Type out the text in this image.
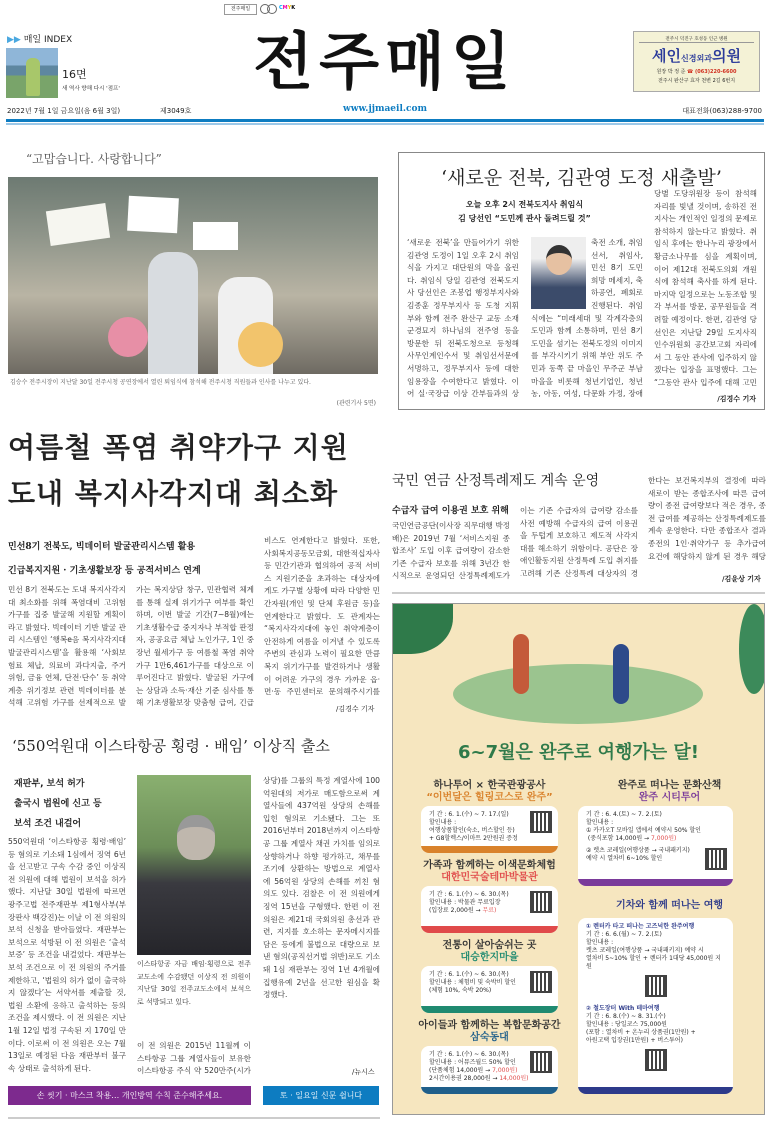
전주매일	CMYK
▶▶ 매일 INDEX
16면
새 역사 향해 다시 '점프'	전주매일	전주시 덕진구 호성동 인근 병원
세인신경외과의원
원장 박 정 준 ☎ (063)220-6600
전주시 완산구 효자 천변 2길 6번지
2022년 7월 1일 금요일(음 6월 3일)	제3049호	www.jjmaeil.com	대표전화(063)288-9700
“고맙습니다. 사랑합니다”
김승수 전주시장이 지난달 30일 전주시청 공연장에서 열린 퇴임식에 참석해 전주시청 직원들과 인사를 나누고 있다.
(관련기사 5면)
‘새로운 전북, 김관영 도정 새출발’
오늘 오후 2시 전북도지사 취임식
김 당선인 “도민께 관사 돌려드릴 것”
‘새로운 전북’을 만들어가기 위한 김관영 도정이 1일 오후 2시 취임식을 가지고 대단원의 막을 올린다. 취임식 당일 김관영 전북도지사 당선인은 조봉업 행정부지사와 김종훈 정무부지사 등 도청 지휘부와 함께 전주 완산구 교동 소재 군경묘지 하나님의 전주영 등을 방문한 뒤 전북도청으로 등청해 사무인계인수서 및 취임선서문에 서명하고, 정무부지사 등에 대한 임용장을 수여한다고 밝혔다. 이어 실·국장급 이상 간부들과의 상
축전 소개, 취임선서, 취임사, 민선 8기 도민 희망 메세지, 축하공연, 폐회로 진행된다. 취임식에는 “미래세대 및 각계각층의 도민과 함께 소통하며, 민선 8기 도민을 섬기는 전북도정의 이미지를 부각시키기 위해 부안 위도 주민과 동쪽 끝 마을인 무주군 부남마을을 비롯해 청년기업인, 청년농, 아동, 여성, 다문화 가정, 장애
당별 도당위원장 등이 참석해 자리를 빛낼 것이며, 송하진 전 지사는 개인적인 일정의 문제로 참석하지 않는다고 밝혔다. 취임식 후에는 한나누리 광장에서 황금소나무를 심을 계획이며, 이어 제12대 전북도의회 개원식에 참석해 축사를 하게 된다. 마지막 일정으로는 노동조합 및 각 부서를 방문, 공무원들을 격려할 예정이다. 한편, 김관영 당선인은 지난달 29일 도지사직 인수위원회 공간보고회 자리에서 그 동안 관사에 입주하지 않겠다는 입장을 표명했다. 그는 “그동안 관사 입주에 대해 고민
/김경수 기자
여름철 폭염 취약가구 지원
도내 복지사각지대 최소화
민선8기 전북도, 빅데이터 발굴관리시스템 활용
긴급복지지원 · 기초생활보장 등 공적서비스 연계
민선 8기 전북도는 도내 복지사각지대 최소화를 위해 폭염대비 고위험 가구를 집중 발굴해 지원할 계획이라고 밝혔다. 빅데이터 기반 발굴 관리 시스템인 ‘행복e음 복지사각지대 발굴관리시스템’을 활용해 ‘사회보험료 체납, 의료비 과다지출, 주거 위험, 금융 연체, 단전·단수’ 등 취약계층 위기정보 관련 빅데이터를 분석해 고위험 가구를 선제적으로 발
가는 복지상담 창구, 민관협력 체계를 통해 실제 위기가구 여부를 확인하며, 이번 발굴 기간(7~8월)에는 기초생활수급 중지자나 부적합 판정자, 공공요금 체납 노인가구, 1인 중장년 월세가구 등 여름철 폭염 취약가구 1만6,461가구를 대상으로 이루어진다고 밝혔다. 발굴된 가구에는 상담과 소득·재산 기준 심사를 통해 기초생활보장 맞춤형 급여, 긴급
비스도 연계한다고 밝혔다. 또한, 사회복지공동모금회, 대한적십자사 등 민간기관과 협의하여 공적 서비스 지원기준을 초과하는 대상자에게도 가구별 상황에 따라 다양한 민간자원(개인 및 단체 후원금 등)을 연계한다고 밝혔다. 도 관계자는 “복지사각지대에 놓인 취약계층이 안전하게 여름을 이겨낼 수 있도록 주변의 관심과 노력이 필요한 만큼 복지 위기가구를 발견하거나 생활이 어려운 가구의 경우 가까운 읍·면·동 주민센터로 문의해주시기를
/김경수 기자
국민 연금 산정특례제도 계속 운영
수급자 급여 이용권 보호 위해
국민연금공단(이사장 직무대행 박정배)은 2019년 7월 ‘서비스지원 종합조사’ 도입 이후 급여량이 감소한 기존 수급자 보호를 위해 3년간 한시적으로 운영되던 산정특례제도가
이는 기존 수급자의 급여량 감소를 사전 예방해 수급자의 급여 이용권을 두텁게 보호하고 제도적 사각지대를 해소하기 위함이다. 공단은 장애인활동지원 산정특례 도입 취지를 고려해 기존 산정특례 대상자의 경
한다는 보건복지부의 결정에 따라 새로이 받는 종합조사에 따른 급여량이 종전 급여량보다 적은 경우, 종전 급여를 제공하는 산정특례제도를 계속 운영한다. 다만 종합조사 결과 종전의 1인·취약가구 등 추가급여 요건에 해당하지 않게 된 경우 해당
/김윤상 기자
6~7월은 완주로 여행가는 달!
하나투어 × 한국관광공사
“이번달은 힐링코스로 완주”
기 간 : 6. 1.(수) ~ 7. 17.(일)
할인내용 :
여행상품할인(숙소, 버스할인 등)
+ G8할렉스/이마트 2만원권 증정
가족과 함께하는 이색문화체험
대한민국술테마박물관
기 간 : 6. 1.(수) ~ 6. 30.(목)
할인내용 : 박물관 무료입장
(입장료 2,000원 → 무료)
전통이 살아숨쉬는 곳
대승한지마을
기 간 : 6. 1.(수) ~ 6. 30.(목)
할인내용 : 체험비 및 숙박비 할인
(체험 10%, 숙박 20%)
아이들과 함께하는 복합문화공간
삼숙동대
기 간 : 6. 1.(수) ~ 6. 30.(목)
할인내용 : 어뮤즈월드 50% 할인
(단품체험 14,000원 → 7,000원)
2시간이용권 28,000원 → 14,000원)
완주로 떠나는 문화산책
완주 시티투어
기 간 : 6. 4.(토) ~ 7. 2.(토)
할인내용 :
① 카카오T 모바일 앱에서 예약시 50% 할인
(중식포함 14,000원 → 7,000원)
② 렛츠 코레일(여행상품 → 국내패키지)
예약 시 열차비 6~10% 할인
기차와 함께 떠나는 여행
① 렌터카 타고 떠나는 고즈넉한 완주여행
기 간 : 6. 6.(월) ~ 7. 2.(토)
할인내용 :
렛츠 코레일(여행상품 → 국내패키지) 예약 시
열차비 5~10% 할인 + 렌터카 1대당 45,000원 지원
② 철도장터 With 테마여행
기 간 : 6. 8.(수) ~ 8. 31.(수)
할인내용 : 당일코스 75,000원
(포함 : 열차비 + 온누리 상품권(1만원) +
아원고택 입장권(1만원) + 버스투어)
‘550억원대 이스타항공 횡령 · 배임’ 이상직 출소
재판부, 보석 허가
출국시 법원에 신고 등
보석 조건 내걸어
550억원대 ‘이스타항공 횡령·배임’ 등 혐의로 기소돼 1심에서 징역 6년을 선고받고 구속 수감 중인 이상직 전 의원에 대해 법원이 보석을 허가했다. 지난달 30일 법원에 따르면 광주고법 전주재판부 제1형사부(부장판사 백강진)는 이날 이 전 의원의 보석 신청을 받아들였다. 재판부는 보석으로 석방된 이 전 의원은 ‘출석 보증’ 등 조건을 내걸었다. 재판부는 보석 조건으로 이 전 의원의 주거를 제한하고, ‘법원의 허가 없이 출국하지 않겠다’는 서약서를 제출할 것, 법원 소환에 응하고 출석하는 등의 조건을 제시했다. 이 전 의원은 지난 1월 12일 법정 구속된 지 170일 만이다. 이로써 이 전 의원은 오는 7월 13일로 예정된 다음 재판부터 불구속 상태로 출석하게 된다.
이스타항공 자금 배임·횡령으로 전주교도소에 수감됐던 이상직 전 의원이 지난달 30일 전주교도소에서 보석으로 석방되고 있다.
이 전 의원은 2015년 11월께 이스타항공 그룹 계열사들이 보유한 이스타항공 주식 약 520만주(시가
상당)를 그룹의 특정 계열사에 100억원대의 저가로 매도함으로써 계열사들에 437억원 상당의 손해를 입힌 혐의로 기소됐다. 그는 또 2016년부터 2018년까지 이스타항공 그룹 계열사 채권 가치를 임의로 상향하거나 하향 평가하고, 채무를 조기에 상환하는 방법으로 계열사에 56억원 상당의 손해를 끼친 혐의도 있다. 검찰은 이 전 의원에게 징역 15년을 구형했다. 한편 이 전 의원은 제21대 국회의원 총선과 관련, 지지를 호소하는 문자메시지를 담은 등에게 불법으로 대량으로 보낸 혐의(공직선거법 위반)로도 기소돼 1심 재판부는 징역 1년 4개월에 집행유예 2년을 선고한 원심을 확정했다.
/뉴시스
손 씻기 · 마스크 착용… 개인방역 수칙 준수해주세요.	토 · 일요일 신문 쉽니다
